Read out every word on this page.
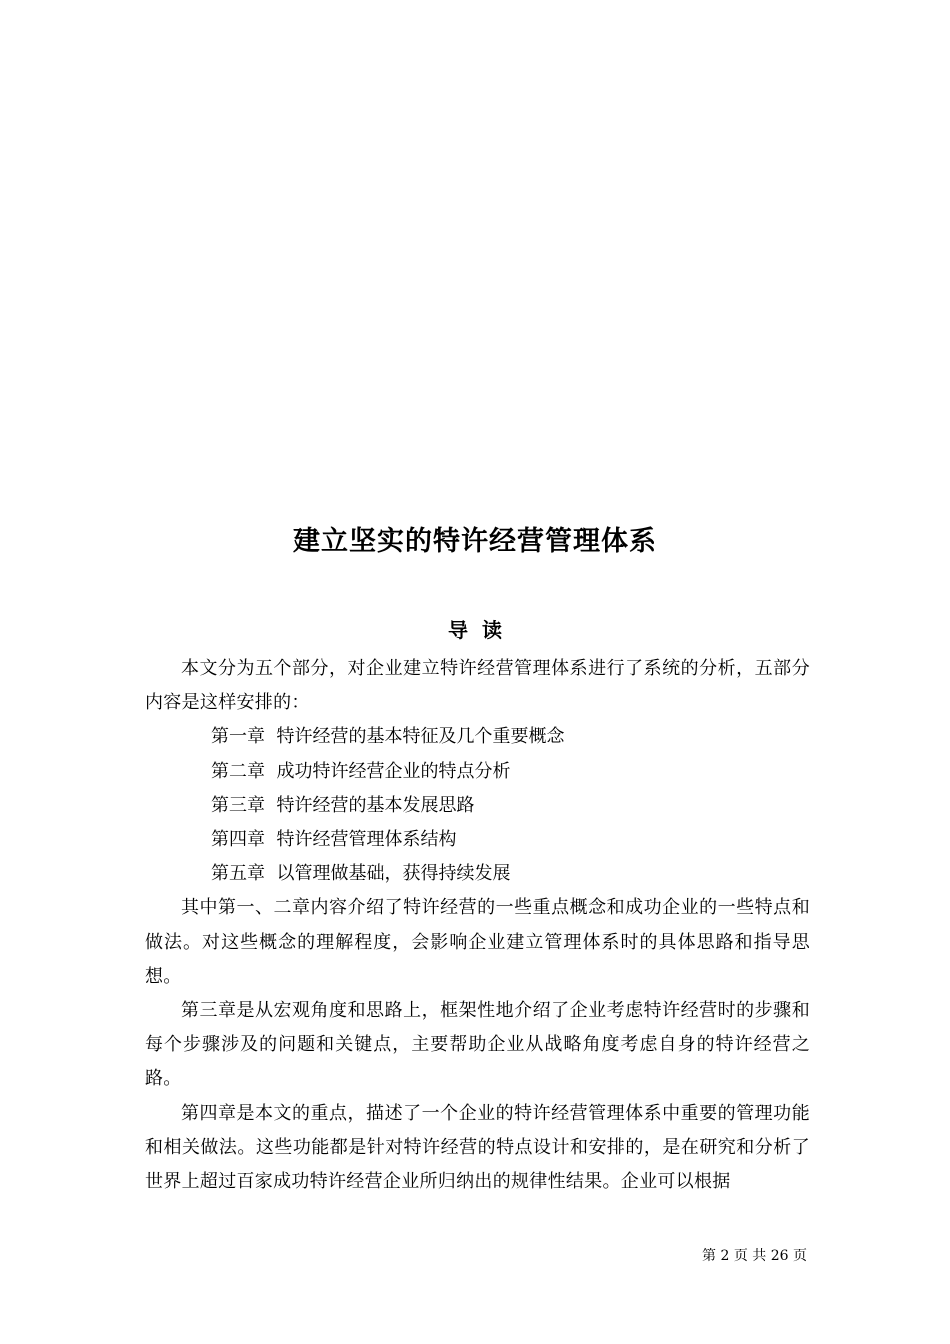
建立坚实的特许经营管理体系
导读

本文分为五个部分，对企业建立特许经营管理体系进行了系统的分析，五部分内容是这样安排的：

第一章  特许经营的基本特征及几个重要概念
第二章  成功特许经营企业的特点分析
第三章  特许经营的基本发展思路
第四章  特许经营管理体系结构
第五章  以管理做基础，获得持续发展

其中第一、二章内容介绍了特许经营的一些重点概念和成功企业的一些特点和做法。对这些概念的理解程度，会影响企业建立管理体系时的具体思路和指导思想。

第三章是从宏观角度和思路上，框架性地介绍了企业考虑特许经营时的步骤和每个步骤涉及的问题和关键点，主要帮助企业从战略角度考虑自身的特许经营之路。

第四章是本文的重点，描述了一个企业的特许经营管理体系中重要的管理功能和相关做法。这些功能都是针对特许经营的特点设计和安排的，是在研究和分析了世界上超过百家成功特许经营企业所归纳出的规律性结果。企业可以根据

第 2 页 共 26 页
